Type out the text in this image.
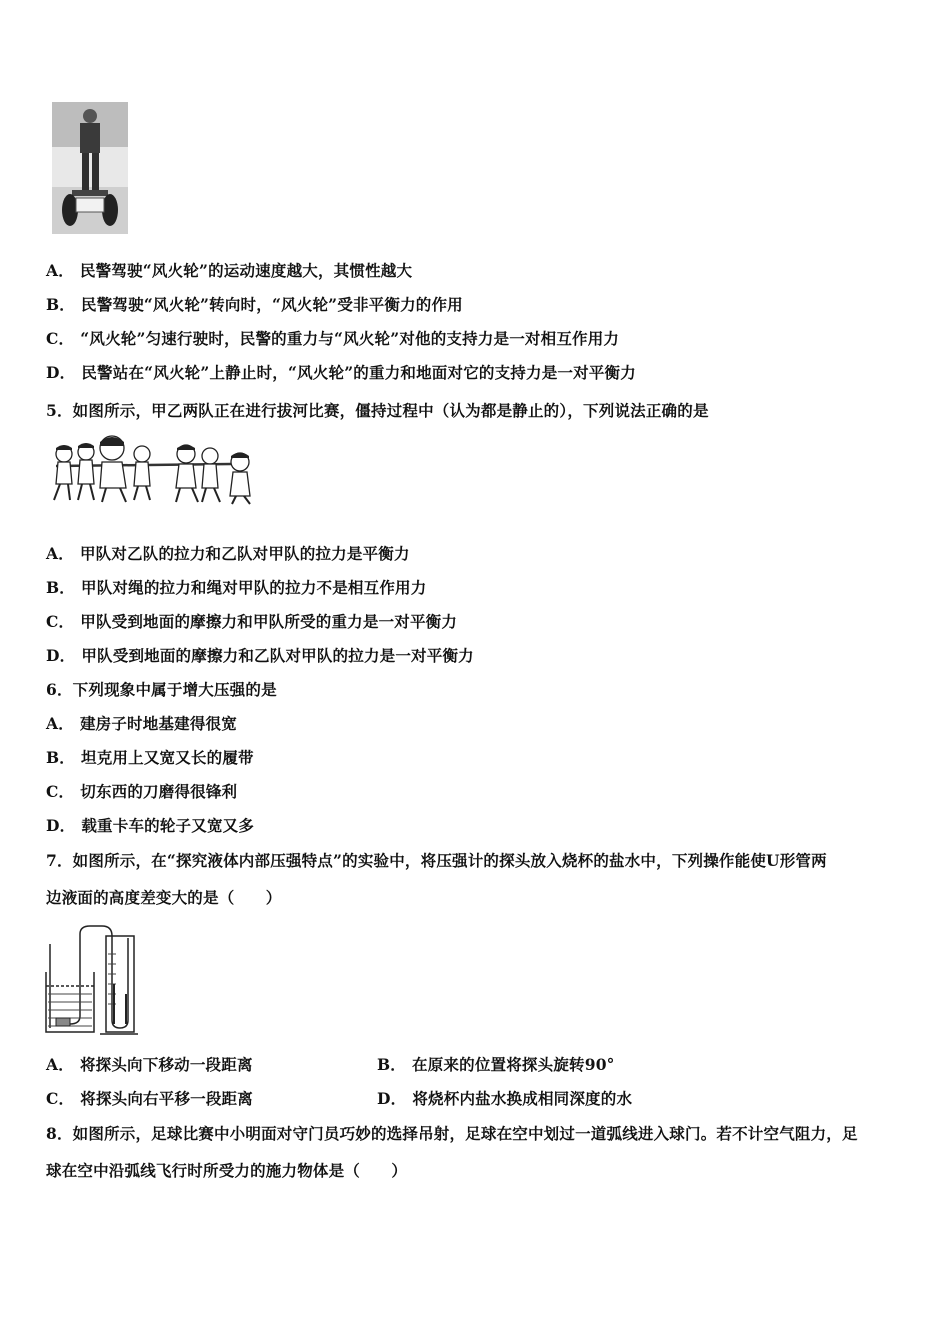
A． 民警驾驶“风火轮”的运动速度越大，其惯性越大
B． 民警驾驶“风火轮”转向时，“风火轮”受非平衡力的作用
C． “风火轮”匀速行驶时，民警的重力与“风火轮”对他的支持力是一对相互作用力
D． 民警站在“风火轮”上静止时，“风火轮”的重力和地面对它的支持力是一对平衡力
5．如图所示，甲乙两队正在进行拔河比赛，僵持过程中（认为都是静止的），下列说法正确的是
A． 甲队对乙队的拉力和乙队对甲队的拉力是平衡力
B． 甲队对绳的拉力和绳对甲队的拉力不是相互作用力
C． 甲队受到地面的摩擦力和甲队所受的重力是一对平衡力
D． 甲队受到地面的摩擦力和乙队对甲队的拉力是一对平衡力
6．下列现象中属于增大压强的是
A． 建房子时地基建得很宽
B． 坦克用上又宽又长的履带
C． 切东西的刀磨得很锋利
D． 载重卡车的轮子又宽又多
7．如图所示，在“探究液体内部压强特点”的实验中，将压强计的探头放入烧杯的盐水中，下列操作能使U形管两
边液面的高度差变大的是（　　）
A． 将探头向下移动一段距离	B． 在原来的位置将探头旋转90°
C． 将探头向右平移一段距离	D． 将烧杯内盐水换成相同深度的水
8．如图所示，足球比赛中小明面对守门员巧妙的选择吊射，足球在空中划过一道弧线进入球门。若不计空气阻力，足
球在空中沿弧线飞行时所受力的施力物体是（　　）
